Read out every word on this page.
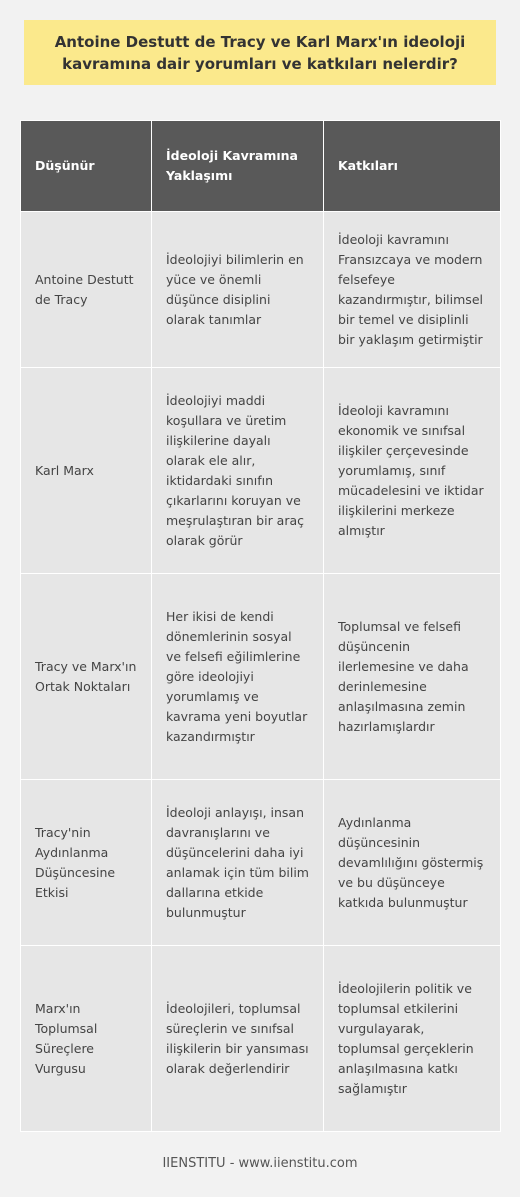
Antoine Destutt de Tracy ve Karl Marx'ın ideoloji kavramına dair yorumları ve katkıları nelerdir?
Düşünür	İdeoloji Kavramına Yaklaşımı	Katkıları
Antoine Destutt de Tracy	İdeolojiyi bilimlerin en yüce ve önemli düşünce disiplini olarak tanımlar	İdeoloji kavramını Fransızcaya ve modern felsefeye kazandırmıştır, bilimsel bir temel ve disiplinli bir yaklaşım getirmiştir
Karl Marx	İdeolojiyi maddi koşullara ve üretim ilişkilerine dayalı olarak ele alır, iktidardaki sınıfın çıkarlarını koruyan ve meşrulaştıran bir araç olarak görür	İdeoloji kavramını ekonomik ve sınıfsal ilişkiler çerçevesinde yorumlamış, sınıf mücadelesini ve iktidar ilişkilerini merkeze almıştır
Tracy ve Marx'ın Ortak Noktaları	Her ikisi de kendi dönemlerinin sosyal ve felsefi eğilimlerine göre ideolojiyi yorumlamış ve kavrama yeni boyutlar kazandırmıştır	Toplumsal ve felsefi düşüncenin ilerlemesine ve daha derinlemesine anlaşılmasına zemin hazırlamışlardır
Tracy'nin Aydınlanma Düşüncesine Etkisi	İdeoloji anlayışı, insan davranışlarını ve düşüncelerini daha iyi anlamak için tüm bilim dallarına etkide bulunmuştur	Aydınlanma düşüncesinin devamlılığını göstermiş ve bu düşünceye katkıda bulunmuştur
Marx'ın Toplumsal Süreçlere Vurgusu	İdeolojileri, toplumsal süreçlerin ve sınıfsal ilişkilerin bir yansıması olarak değerlendirir	İdeolojilerin politik ve toplumsal etkilerini vurgulayarak, toplumsal gerçeklerin anlaşılmasına katkı sağlamıştır
IIENSTITU - www.iienstitu.com
